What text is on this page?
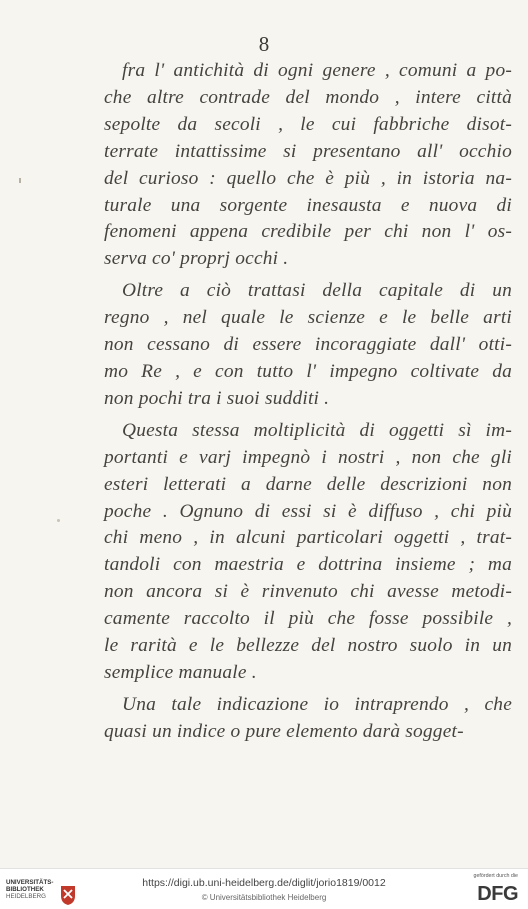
8
fra l' antichità di ogni genere , comuni a po-
che altre contrade del mondo , intere città
sepolte da secoli , le cui fabbriche disot-
terrate intattissime si presentano all' occhio
del curioso : quello che è più , in istoria na-
turale una sorgente inesausta e nuova di
fenomeni appena credibile per chi non l' os-
serva co' proprj occhi .
Oltre a ciò trattasi della capitale di un
regno , nel quale le scienze e le belle arti
non cessano di essere incoraggiate dall' otti-
mo Re , e con tutto l' impegno coltivate da
non pochi tra i suoi sudditi .
Questa stessa moltiplicità di oggetti sì im-
portanti e varj impegnò i nostri , non che gli
esteri letterati a darne delle descrizioni non
poche . Ognuno di essi si è diffuso , chi più
chi meno , in alcuni particolari oggetti , trat-
tandoli con maestria e dottrina insieme ; ma
non ancora si è rinvenuto chi avesse metodi-
camente raccolto il più che fosse possibile ,
le rarità e le bellezze del nostro suolo in un
semplice manuale .
Una tale indicazione io intraprendo , che
quasi un indice o pure elemento darà sogget-
UNIVERSITÄTS-
BIBLIOTHEK
HEIDELBERG
https://digi.ub.uni-heidelberg.de/diglit/jorio1819/0012
© Universitätsbibliothek Heidelberg
gefördert durch die
DFG
